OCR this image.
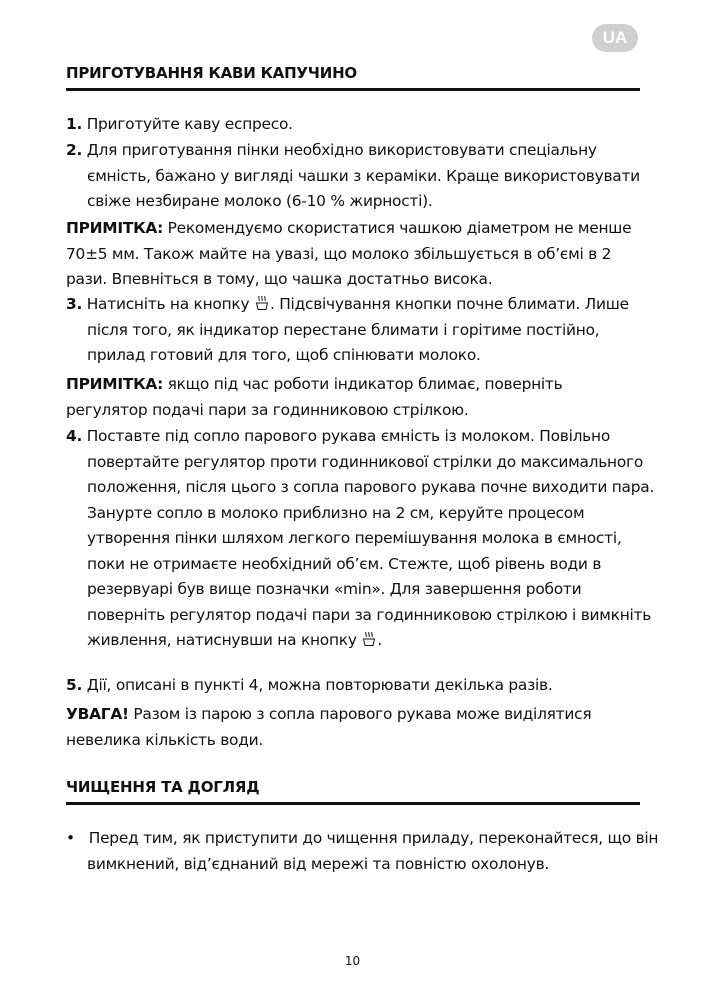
UA
ПРИГОТУВАННЯ КАВИ КАПУЧИНО

1. Приготуйте каву еспресо.

2. Для приготування пінки необхідно використовувати спеціальну ємність, бажано у вигляді чашки з кераміки. Краще використовувати свіже незбиране молоко (6-10 % жирності).

ПРИМІТКА: Рекомендуємо скористатися чашкою діаметром не менше 70±5 мм. Також майте на увазі, що молоко збільшується в об’ємі в 2 рази. Впевніться в тому, що чашка достатньо висока.

3. Натисніть на кнопку . Підсвічування кнопки почне блимати. Лише після того, як індикатор перестане блимати і горітиме постійно, прилад готовий для того, щоб спінювати молоко.

ПРИМІТКА: якщо під час роботи індикатор блимає, поверніть регулятор подачі пари за годинниковою стрілкою.

4. Поставте під сопло парового рукава ємність із молоком. Повільно повертайте регулятор проти годинникової стрілки до максимального положення, після цього з сопла парового рукава почне виходити пара. Занурте сопло в молоко приблизно на 2 см, керуйте процесом утворення пінки шляхом легкого перемішування молока в ємності, поки не отримаєте необхідний об’єм. Стежте, щоб рівень води в резервуарі був вище позначки «min». Для завершення роботи поверніть регулятор подачі пари за годинниковою стрілкою і вимкніть живлення, натиснувши на кнопку .

5. Дії, описані в пункті 4, можна повторювати декілька разів.

УВАГА! Разом із парою з сопла парового рукава може виділятися невелика кількість води.

ЧИЩЕННЯ ТА ДОГЛЯД

• Перед тим, як приступити до чищення приладу, переконайтеся, що він вимкнений, від’єднаний від мережі та повністю охолонув.

10
